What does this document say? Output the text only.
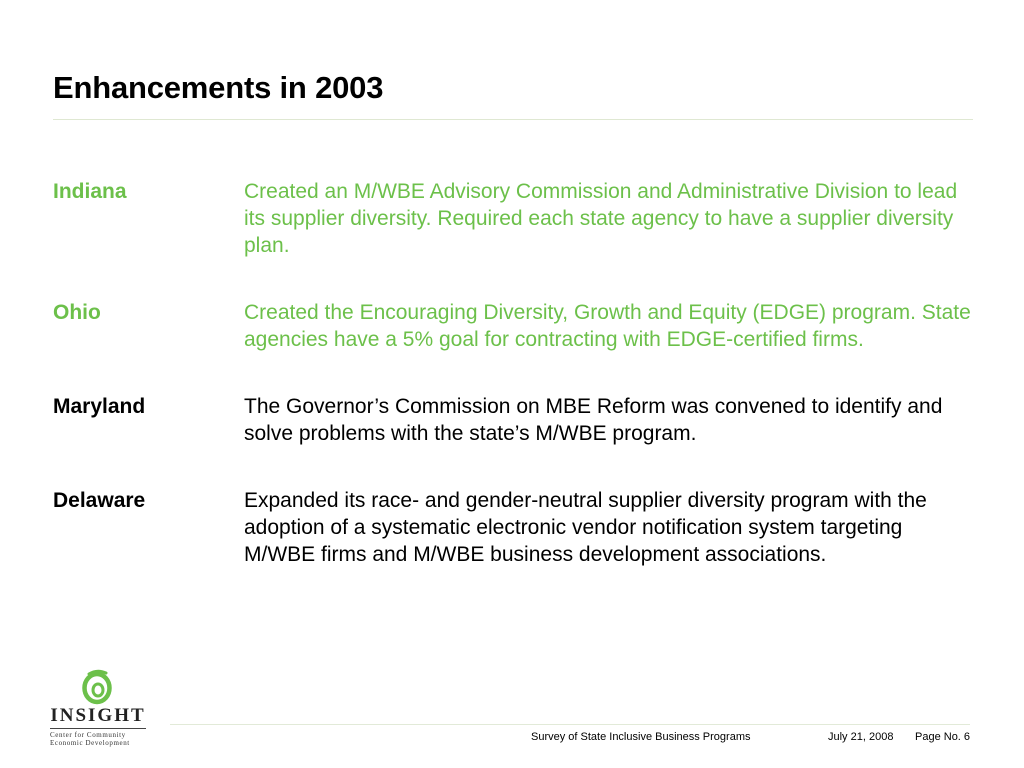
Enhancements in 2003
Indiana	Created an M/WBE Advisory Commission and Administrative Division to lead its supplier diversity. Required each state agency to have a supplier diversity plan.
Ohio	Created the Encouraging Diversity, Growth and Equity (EDGE) program. State agencies have a 5% goal for contracting with EDGE-certified firms.
Maryland	The Governor’s Commission on MBE Reform was convened to identify and solve problems with the state’s M/WBE program.
Delaware	Expanded its race- and gender-neutral supplier diversity program with the adoption of a systematic electronic vendor notification system targeting M/WBE firms and M/WBE business development associations.
INSIGHT
Center for Community
Economic Development	Survey of State Inclusive Business Programs	July 21, 2008 Page No. 6
